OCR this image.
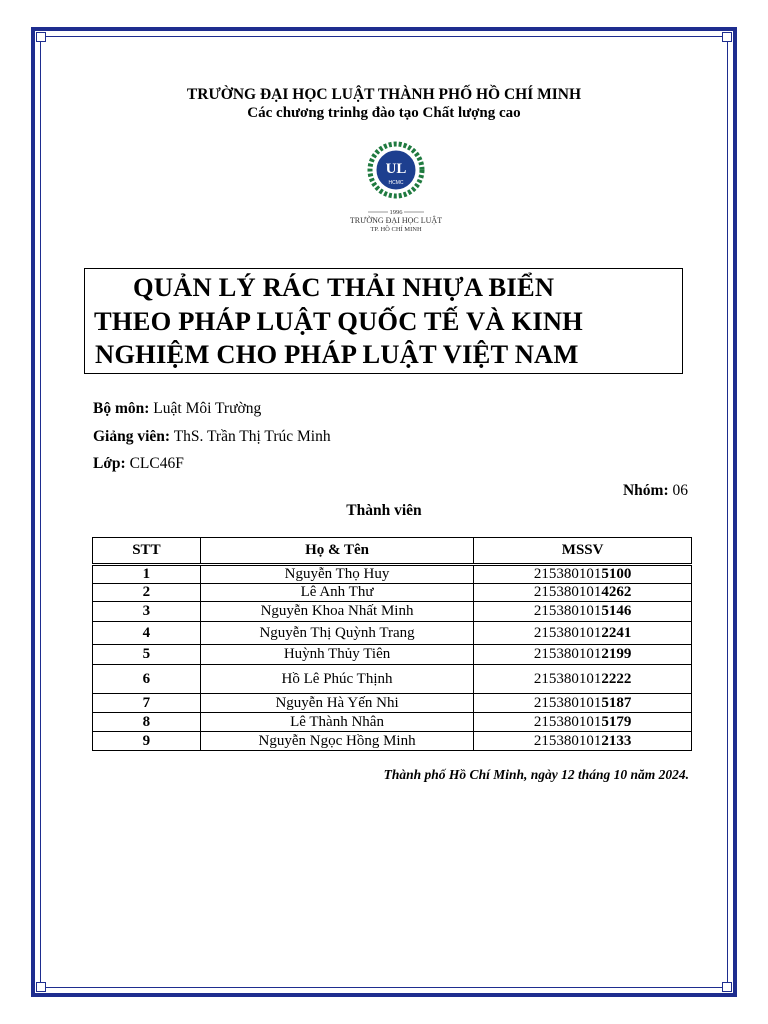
TRƯỜNG ĐẠI HỌC LUẬT THÀNH PHỐ HỒ CHÍ MINH
Các chương trinhg đào tạo Chất lượng cao
UL
HCMC
1996
TRƯỜNG ĐẠI HỌC LUẬT
TP. HỒ CHÍ MINH
QUẢN LÝ RÁC THẢI NHỰA BIỂN
THEO PHÁP LUẬT QUỐC TẾ VÀ KINH
NGHIỆM CHO PHÁP LUẬT VIỆT NAM
Bộ môn: Luật Môi Trường
Giảng viên: ThS. Trần Thị Trúc Minh
Lớp: CLC46F
Nhóm: 06
Thành viên
STT	Họ & Tên	MSSV
1	Nguyễn Thọ Huy	2153801015100
2	Lê Anh Thư	2153801014262
3	Nguyễn Khoa Nhất Minh	2153801015146
4	Nguyễn Thị Quỳnh Trang	2153801012241
5	Huỳnh Thủy Tiên	2153801012199
6	Hồ Lê Phúc Thịnh	2153801012222
7	Nguyễn Hà Yến Nhi	2153801015187
8	Lê Thành Nhân	2153801015179
9	Nguyễn Ngọc Hồng Minh	2153801012133
Thành phố Hồ Chí Minh, ngày 12 tháng 10 năm 2024.
